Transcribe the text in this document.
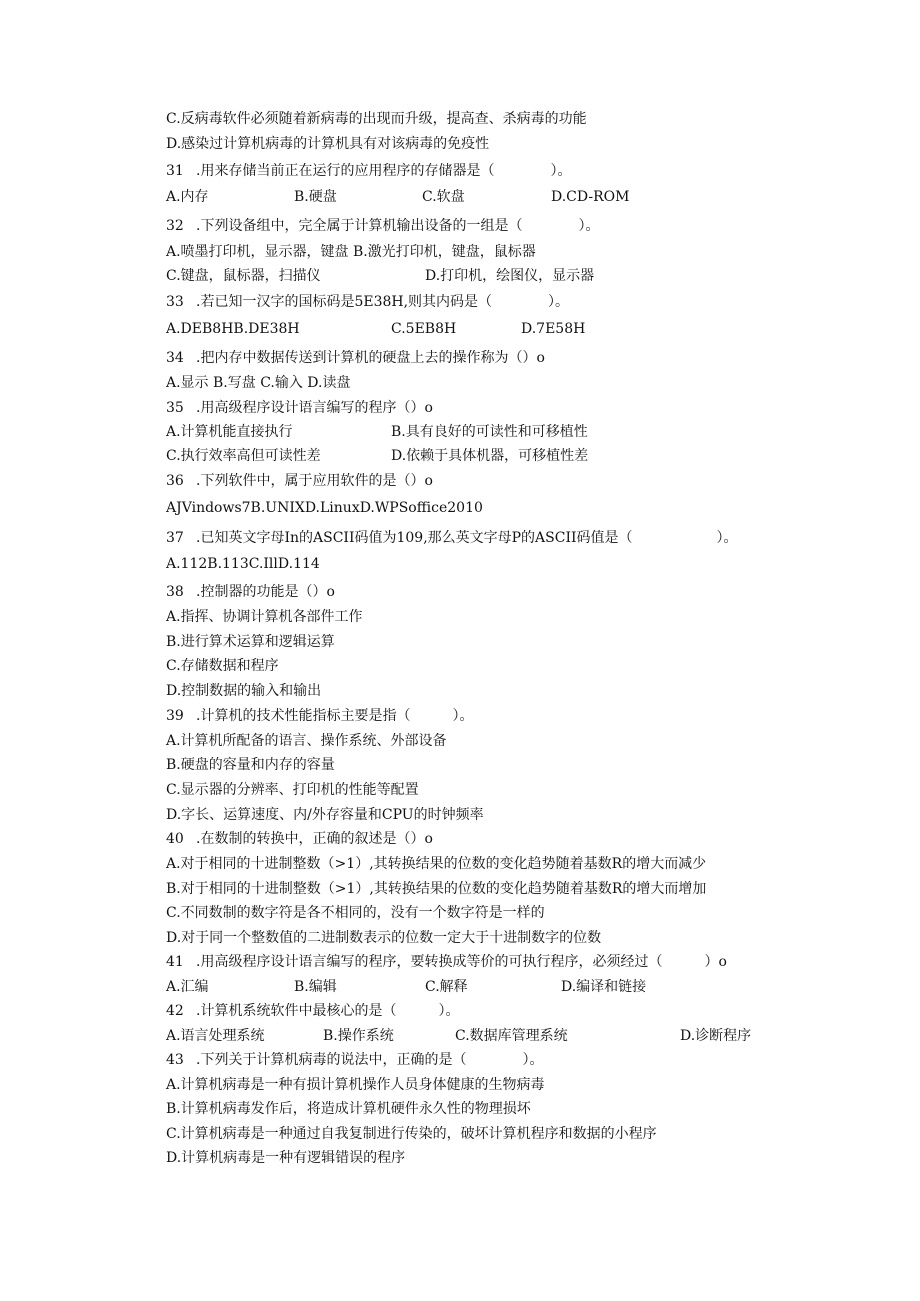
C.反病毒软件必须随着新病毒的出现而升级，提高查、杀病毒的功能
D.感染过计算机病毒的计算机具有对该病毒的免疫性
31 .用来存储当前正在运行的应用程序的存储器是（　　　　）。
A.内存	B.硬盘	C.软盘	D.CD-ROM
32 .下列设备组中，完全属于计算机输出设备的一组是（　　　　）。
A.喷墨打印机，显示器，键盘 B.激光打印机，键盘，鼠标器
C.键盘，鼠标器，扫描仪	D.打印机，绘图仪，显示器
33 .若已知一汉字的国标码是5E38H,则其内码是（　　　　）。
A.DEB8HB.DE38H	C.5EB8H	D.7E58H
34 .把内存中数据传送到计算机的硬盘上去的操作称为（）o
A.显示 B.写盘 C.输入 D.读盘
35 .用高级程序设计语言编写的程序（）o
A.计算机能直接执行	B.具有良好的可读性和可移植性
C.执行效率高但可读性差	D.依赖于具体机器，可移植性差
36 .下列软件中，属于应用软件的是（）o
AJVindows7B.UNIXD.LinuxD.WPSoffice2010
37 .已知英文字母In的ASCII码值为109,那么英文字母P的ASCII码值是（　　　　　　）。
A.112B.113C.IllD.114
38 .控制器的功能是（）o
A.指挥、协调计算机各部件工作
B.进行算术运算和逻辑运算
C.存储数据和程序
D.控制数据的输入和输出
39 .计算机的技术性能指标主要是指（　　　）。
A.计算机所配备的语言、操作系统、外部设备
B.硬盘的容量和内存的容量
C.显示器的分辨率、打印机的性能等配置
D.字长、运算速度、内/外存容量和CPU的时钟频率
40 .在数制的转换中，正确的叙述是（）o
A.对于相同的十进制整数（>1）,其转换结果的位数的变化趋势随着基数R的增大而减少
B.对于相同的十进制整数（>1）,其转换结果的位数的变化趋势随着基数R的增大而增加
C.不同数制的数字符是各不相同的，没有一个数字符是一样的
D.对于同一个整数值的二进制数表示的位数一定大于十进制数字的位数
41 .用高级程序设计语言编写的程序，要转换成等价的可执行程序，必须经过（　　　）o
A.汇编	B.编辑	C.解释	D.编译和链接
42 .计算机系统软件中最核心的是（　　　）。
A.语言处理系统	B.操作系统	C.数据库管理系统	D.诊断程序
43 .下列关于计算机病毒的说法中，正确的是（　　　　）。
A.计算机病毒是一种有损计算机操作人员身体健康的生物病毒
B.计算机病毒发作后，将造成计算机硬件永久性的物理损坏
C.计算机病毒是一种通过自我复制进行传染的，破坏计算机程序和数据的小程序
D.计算机病毒是一种有逻辑错误的程序
